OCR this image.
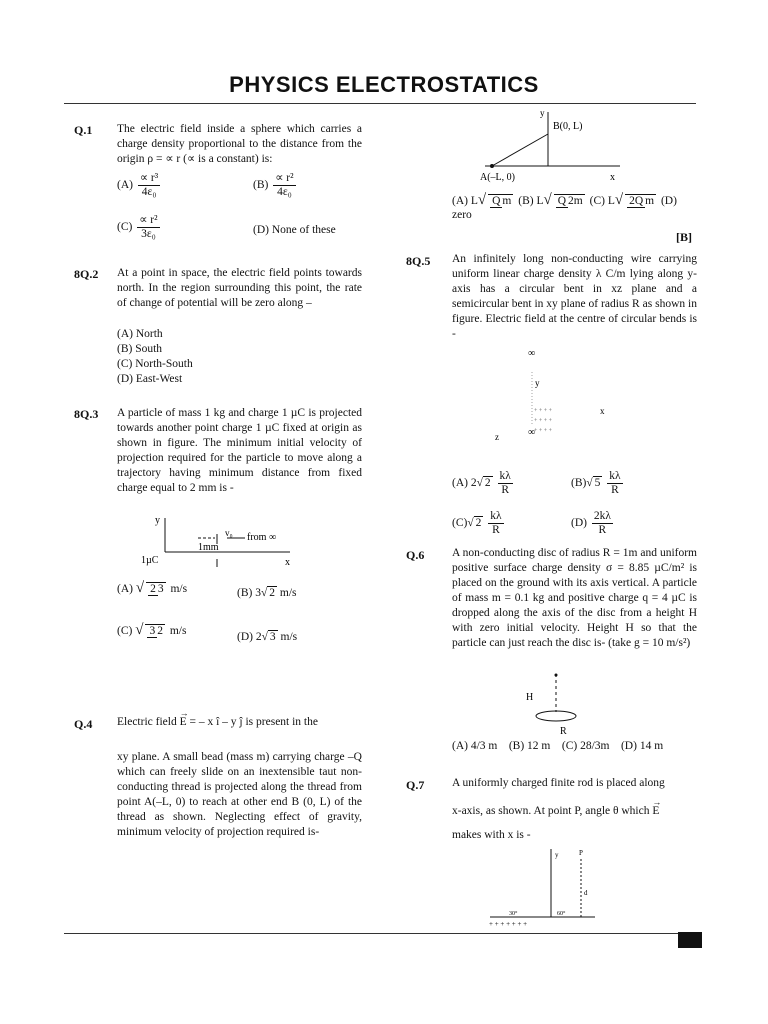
PHYSICS ELECTROSTATICS
Q.1 The electric field inside a sphere which carries a charge density proportional to the distance from the origin ρ = ∝ r (∝ is a constant) is:
$(A) \frac{\text{∝ r³}}{\text{4ε₀}}$	$(B) \frac{\text{∝ r²}}{\text{4ε₀}}$
$(C) \frac{\text{∝ r²}}{\text{3ε₀}}$	(D) None of these
8Q.2 At a point in space, the electric field points towards north. In the region surrounding this point, the rate of change of potential will be zero along –
(A) North
(B) South
(C) North-South
(D) East-West
8Q.3 A particle of mass 1 kg and charge 1 µC is projected towards another point charge 1 µC fixed at origin as shown in figure. The minimum initial velocity of projection required for the particle to move along a trajectory having minimum distance from fixed charge equal to 2 mm is -
y
x
1µC
v₀ from ∞
1mm
(A) √ 2 3 m/s	(B) 3√ 2 m/s
(C) √ 3 2 m/s	(D) 2√ 3 m/s
Q.4 Electric field
→
E = – x î – y ĵ is present in the
xy plane. A small bead (mass m) carrying charge –Q which can freely slide on an inextensible taut non-conducting thread is projected along the thread from point A(–L, 0) to reach at other end B (0, L) of the thread as shown. Neglecting effect of gravity, minimum velocity of projection required is-
y
B(0, L)
A(–L, 0)	x
(A) L√ Q m (B) L√ Q 2m (C) L√ 2Q m (D) zero
[B]
8Q.5 An infinitely long non-conducting wire carrying uniform linear charge density λ C/m lying along y-axis has a circular bent in xz plane and a semicircular bent in xy plane of radius R as shown in figure. Electric field at the centre of circular bends is -
∞
∞
y
x
z
+ + + +
+ + + +
+ + + +
(A) 2√ $2 \frac{k\lambda}{R}$	(B)√ $5 \frac{k\lambda}{R}$
(C)√ $2 \frac{k\lambda}{R}$	$(D) \frac{2k\lambda}{R}$
Q.6 A non-conducting disc of radius R = 1m and uniform positive surface charge density σ = 8.85 µC/m² is placed on the ground with its axis vertical. A particle of mass m = 0.1 kg and positive charge q = 4 µC is dropped along the axis of the disc from a height H with zero initial velocity. Height H so that the particle can just reach the disc is- (take g = 10 m/s²)
H
R
(A) 4/3 m    (B) 12 m    (C) 28/3m    (D) 14 m
Q.7 A uniformly charged finite rod is placed along
x-axis, as shown. At point P, angle θ which
→
E
makes with x is -
y	P
d
30°	60°
+ + + + + + +
